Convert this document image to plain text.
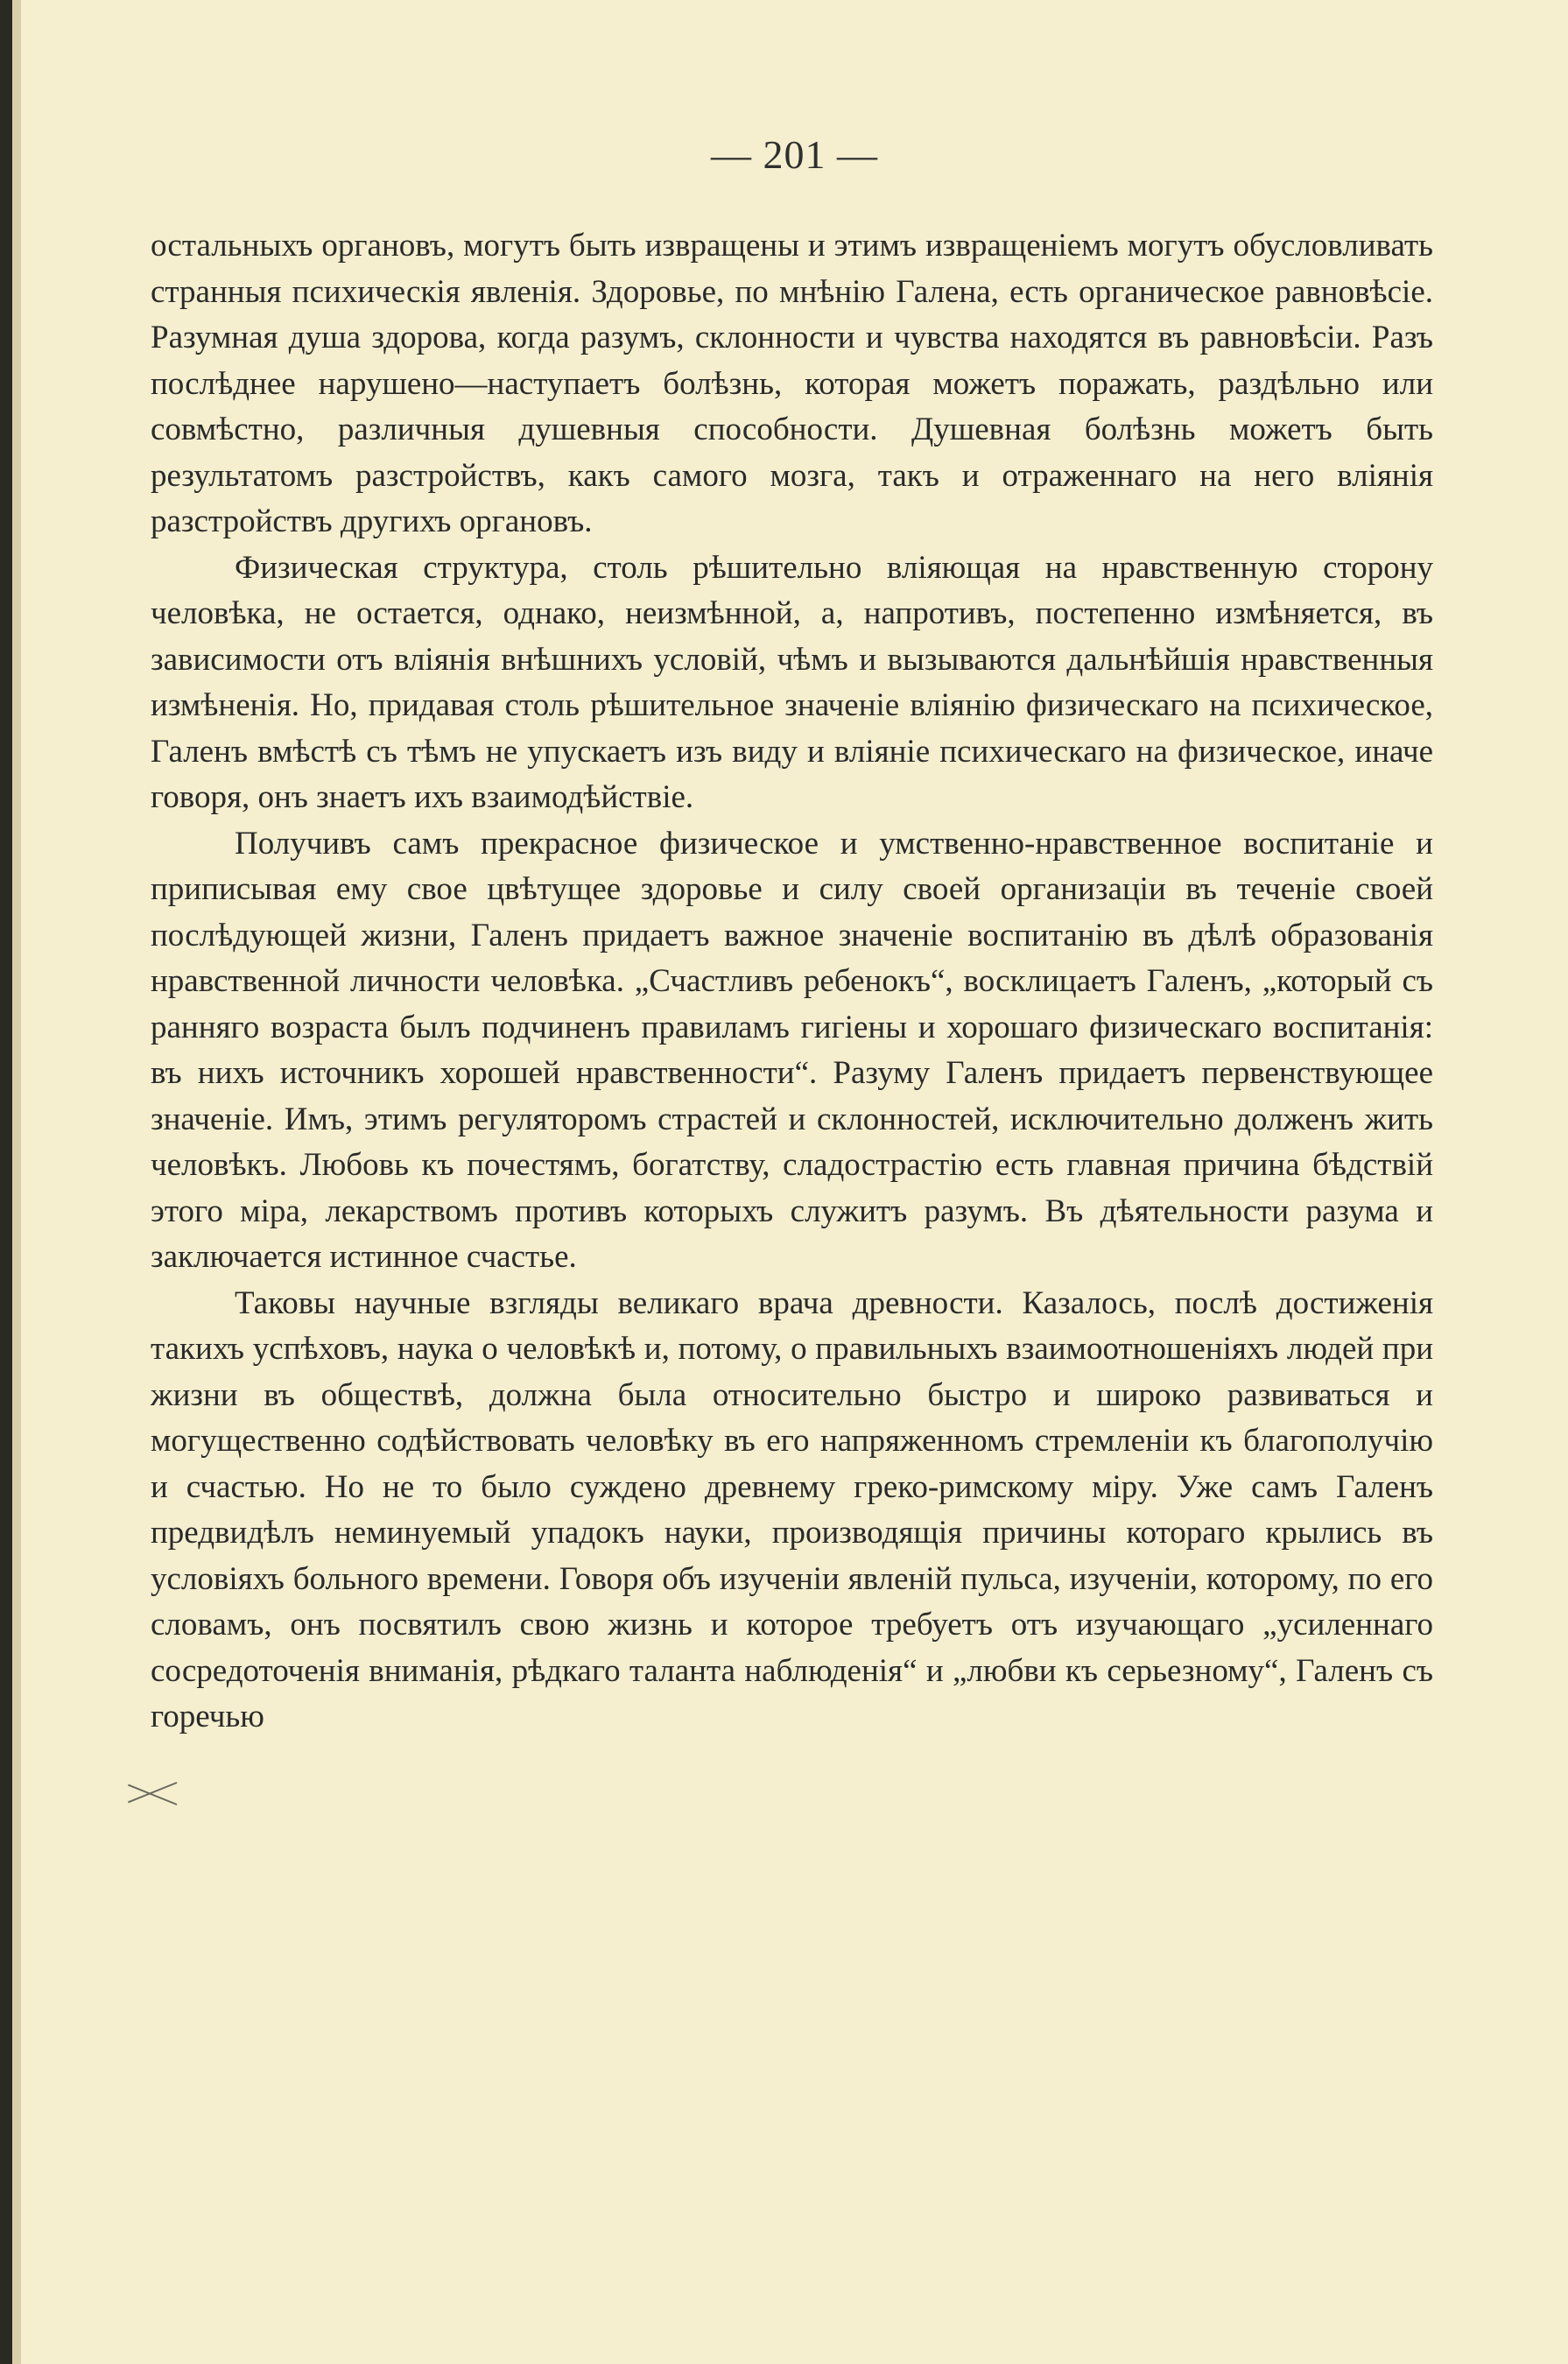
— 201 —

остальныхъ органовъ, могутъ быть извращены и этимъ извращеніемъ могутъ обусловливать странныя психическія явленія. Здоровье, по мнѣнію Галена, есть органическое равновѣсіе. Разумная душа здорова, когда разумъ, склонности и чувства находятся въ равновѣсіи. Разъ послѣднее нарушено—наступаетъ болѣзнь, которая можетъ поражать, раздѣльно или совмѣстно, различныя душевныя способности. Душевная болѣзнь можетъ быть результатомъ разстройствъ, какъ самого мозга, такъ и отраженнаго на него вліянія разстройствъ другихъ органовъ.

Физическая структура, столь рѣшительно вліяющая на нравственную сторону человѣка, не остается, однако, неизмѣнной, а, напротивъ, постепенно измѣняется, въ зависимости отъ вліянія внѣшнихъ условій, чѣмъ и вызываются дальнѣйшія нравственныя измѣненія. Но, придавая столь рѣшительное значеніе вліянію физическаго на психическое, Галенъ вмѣстѣ съ тѣмъ не упускаетъ изъ виду и вліяніе психическаго на физическое, иначе говоря, онъ знаетъ ихъ взаимодѣйствіе.

Получивъ самъ прекрасное физическое и умственно-нравственное воспитаніе и приписывая ему свое цвѣтущее здоровье и силу своей организаціи въ теченіе своей послѣдующей жизни, Галенъ придаетъ важное значеніе воспитанію въ дѣлѣ образованія нравственной личности человѣка. „Счастливъ ребенокъ“, восклицаетъ Галенъ, „который съ ранняго возраста былъ подчиненъ правиламъ гигіены и хорошаго физическаго воспитанія: въ нихъ источникъ хорошей нравственности“. Разуму Галенъ придаетъ первенствующее значеніе. Имъ, этимъ регуляторомъ страстей и склонностей, исключительно долженъ жить человѣкъ. Любовь къ почестямъ, богатству, сладострастію есть главная причина бѣдствій этого міра, лекарствомъ противъ которыхъ служитъ разумъ. Въ дѣятельности разума и заключается истинное счастье.

Таковы научные взгляды великаго врача древности. Казалось, послѣ достиженія такихъ успѣховъ, наука о человѣкѣ и, потому, о правильныхъ взаимоотношеніяхъ людей при жизни въ обществѣ, должна была относительно быстро и широко развиваться и могущественно содѣйствовать человѣку въ его напряженномъ стремленіи къ благополучію и счастью. Но не то было суждено древнему греко-римскому міру. Уже самъ Галенъ предвидѣлъ неминуемый упадокъ науки, производящія причины котораго крылись въ условіяхъ больного времени. Говоря объ изученіи явленій пульса, изученіи, которому, по его словамъ, онъ посвятилъ свою жизнь и которое требуетъ отъ изучающаго „усиленнаго сосредоточенія вниманія, рѣдкаго таланта наблюденія“ и „любви къ серьезному“, Галенъ съ горечью
